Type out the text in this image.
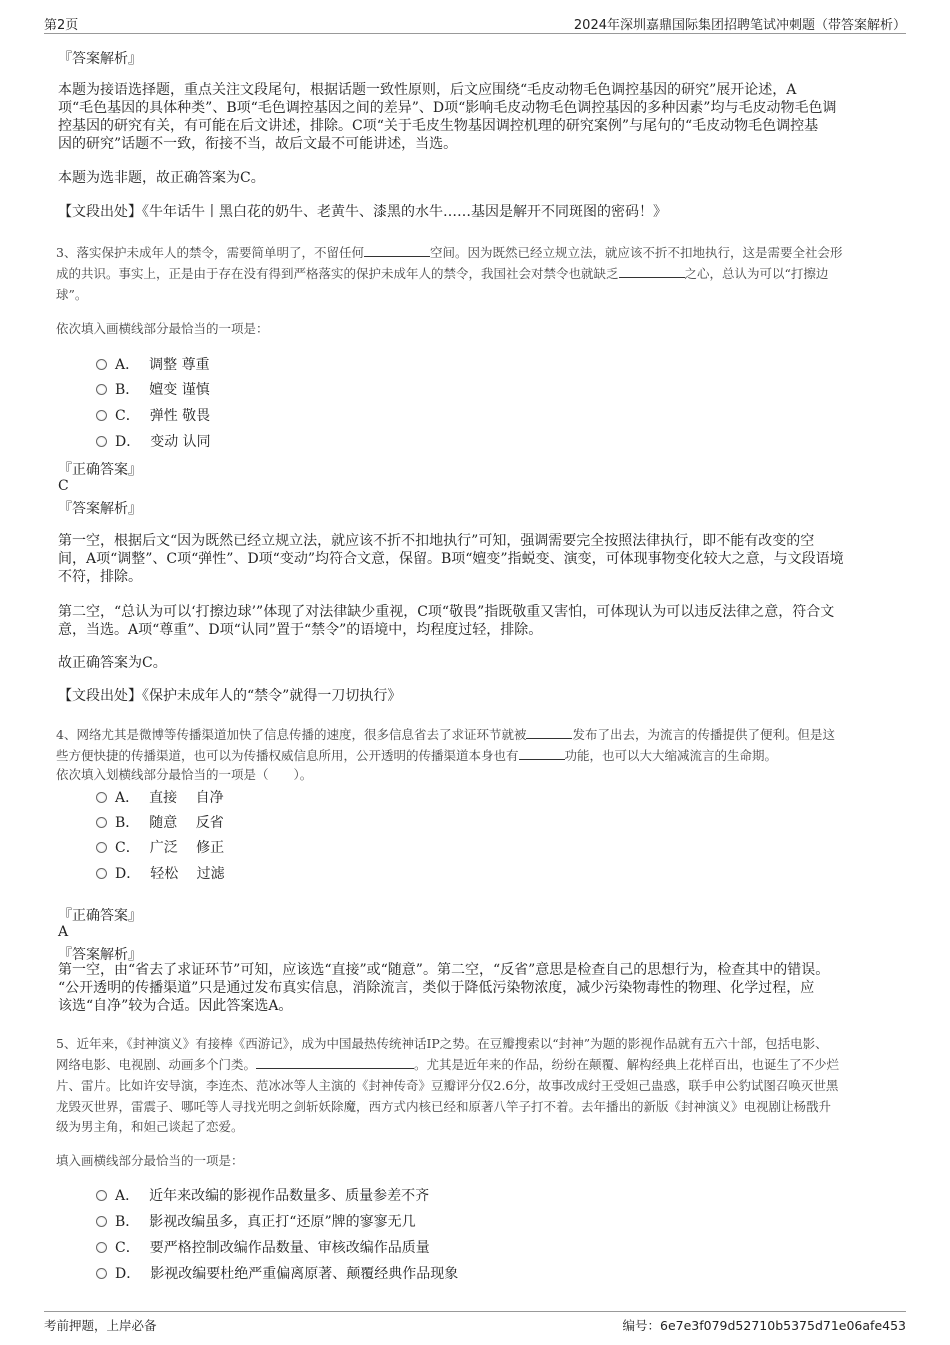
第2页	2024年深圳嘉鼎国际集团招聘笔试冲刺题（带答案解析）
『答案解析』
本题为接语选择题，重点关注文段尾句，根据话题一致性原则，后文应围绕“毛皮动物毛色调控基因的研究”展开论述，A
项“毛色基因的具体种类”、B项“毛色调控基因之间的差异”、D项“影响毛皮动物毛色调控基因的多种因素”均与毛皮动物毛色调
控基因的研究有关，有可能在后文讲述，排除。C项“关于毛皮生物基因调控机理的研究案例”与尾句的“毛皮动物毛色调控基
因的研究”话题不一致，衔接不当，故后文最不可能讲述，当选。
本题为选非题，故正确答案为C。
【文段出处】《牛年话牛丨黑白花的奶牛、老黄牛、漆黑的水牛……基因是解开不同斑图的密码！》
3、落实保护未成年人的禁令，需要简单明了，不留任何	空间。因为既然已经立规立法，就应该不折不扣地执行，这是需要全社会形
成的共识。事实上，正是由于存在没有得到严格落实的保护未成年人的禁令，我国社会对禁令也就缺乏	之心，总认为可以“打擦边
球”。
依次填入画横线部分最恰当的一项是：
A． 调整 尊重
B． 嬗变 谨慎
C． 弹性 敬畏
D． 变动 认同
『正确答案』
C
『答案解析』
第一空，根据后文“因为既然已经立规立法，就应该不折不扣地执行”可知，强调需要完全按照法律执行，即不能有改变的空
间，A项“调整”、C项“弹性”、D项“变动”均符合文意，保留。B项“嬗变”指蜕变、演变，可体现事物变化较大之意，与文段语境
不符，排除。
第二空，“总认为可以‘打擦边球’”体现了对法律缺少重视，C项“敬畏”指既敬重又害怕，可体现认为可以违反法律之意，符合文
意，当选。A项“尊重”、D项“认同”置于“禁令”的语境中，均程度过轻，排除。
故正确答案为C。
【文段出处】《保护未成年人的“禁令”就得一刀切执行》
4、网络尤其是微博等传播渠道加快了信息传播的速度，很多信息省去了求证环节就被	发布了出去，为流言的传播提供了便利。但是这
些方便快捷的传播渠道，也可以为传播权威信息所用，公开透明的传播渠道本身也有	功能，也可以大大缩减流言的生命期。
依次填入划横线部分最恰当的一项是（　　）。
A． 直接　 自净
B． 随意　 反省
C． 广泛　 修正
D． 轻松　 过滤
『正确答案』
A
『答案解析』
第一空，由“省去了求证环节”可知，应该选“直接”或“随意”。第二空，“反省”意思是检查自己的思想行为，检查其中的错误。
“公开透明的传播渠道”只是通过发布真实信息，消除流言，类似于降低污染物浓度，减少污染物毒性的物理、化学过程，应
该选“自净”较为合适。因此答案选A。
5、近年来，《封神演义》有接棒《西游记》，成为中国最热传统神话IP之势。在豆瓣搜索以“封神”为题的影视作品就有五六十部，包括电影、
网络电影、电视剧、动画多个门类。	。尤其是近年来的作品，纷纷在颠覆、解构经典上花样百出，也诞生了不少烂
片、雷片。比如许安导演，李连杰、范冰冰等人主演的《封神传奇》豆瓣评分仅2.6分，故事改成纣王受妲己蛊惑，联手申公豹试图召唤灭世黑
龙毁灭世界，雷震子、哪吒等人寻找光明之剑斩妖除魔，西方式内核已经和原著八竿子打不着。去年播出的新版《封神演义》电视剧让杨戬升
级为男主角，和妲己谈起了恋爱。
填入画横线部分最恰当的一项是：
A． 近年来改编的影视作品数量多、质量参差不齐
B． 影视改编虽多，真正打“还原”牌的寥寥无几
C． 要严格控制改编作品数量、审核改编作品质量
D． 影视改编要杜绝严重偏离原著、颠覆经典作品现象
考前押题，上岸必备	编号：6e7e3f079d52710b5375d71e06afe453
